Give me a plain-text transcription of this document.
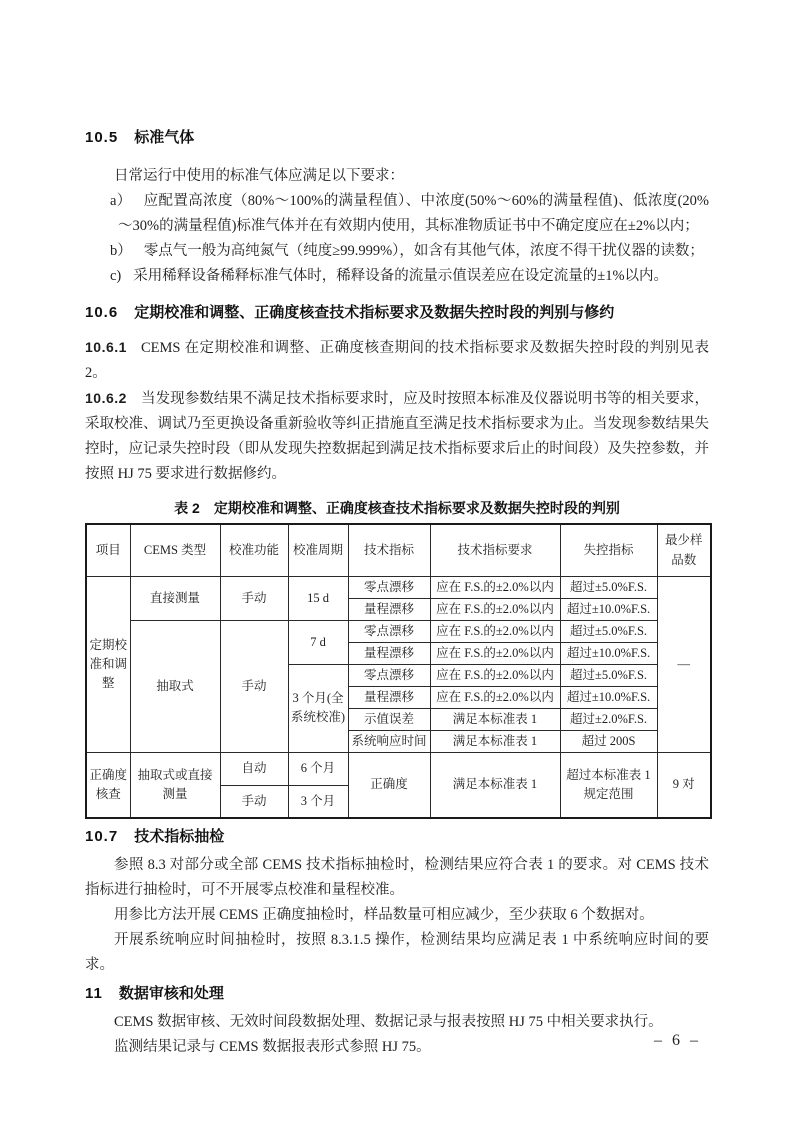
10.5 标准气体

日常运行中使用的标准气体应满足以下要求：

a） 应配置高浓度（80%～100%的满量程值）、中浓度(50%～60%的满量程值)、低浓度(20%～30%的满量程值)标准气体并在有效期内使用，其标准物质证书中不确定度应在±2%以内；

b） 零点气一般为高纯氮气（纯度≥99.999%），如含有其他气体，浓度不得干扰仪器的读数；

c) 采用稀释设备稀释标准气体时，稀释设备的流量示值误差应在设定流量的±1%以内。

10.6 定期校准和调整、正确度核查技术指标要求及数据失控时段的判别与修约

10.6.1 CEMS 在定期校准和调整、正确度核查期间的技术指标要求及数据失控时段的判别见表 2。

10.6.2 当发现参数结果不满足技术指标要求时，应及时按照本标准及仪器说明书等的相关要求，采取校准、调试乃至更换设备重新验收等纠正措施直至满足技术指标要求为止。当发现参数结果失控时，应记录失控时段（即从发现失控数据起到满足技术指标要求后止的时间段）及失控参数，并按照 HJ 75 要求进行数据修约。

表 2 定期校准和调整、正确度核查技术指标要求及数据失控时段的判别
项目	CEMS 类型	校准功能	校准周期	技术指标	技术指标要求	失控指标	最少样品数
定期校准和调整	直接测量	手动	15 d	零点漂移	应在 F.S.的±2.0%以内	超过±5.0%F.S.	—
				量程漂移	应在 F.S.的±2.0%以内	超过±10.0%F.S.	
	抽取式	手动	7 d	零点漂移	应在 F.S.的±2.0%以内	超过±5.0%F.S.	
				量程漂移	应在 F.S.的±2.0%以内	超过±10.0%F.S.	
			3 个月(全系统校准)	零点漂移	应在 F.S.的±2.0%以内	超过±5.0%F.S.	
				量程漂移	应在 F.S.的±2.0%以内	超过±10.0%F.S.	
				示值误差	满足本标准表 1	超过±2.0%F.S.	
				系统响应时间	满足本标准表 1	超过 200S	
正确度核查	抽取式或直接测量	自动	6 个月	正确度	满足本标准表 1	超过本标准表 1 规定范围	9 对
		手动	3 个月				
10.7 技术指标抽检

参照 8.3 对部分或全部 CEMS 技术指标抽检时，检测结果应符合表 1 的要求。对 CEMS 技术指标进行抽检时，可不开展零点校准和量程校准。

用参比方法开展 CEMS 正确度抽检时，样品数量可相应减少，至少获取 6 个数据对。

开展系统响应时间抽检时，按照 8.3.1.5 操作，检测结果均应满足表 1 中系统响应时间的要求。

11 数据审核和处理

CEMS 数据审核、无效时间段数据处理、数据记录与报表按照 HJ 75 中相关要求执行。

监测结果记录与 CEMS 数据报表形式参照 HJ 75。	– 6 –
